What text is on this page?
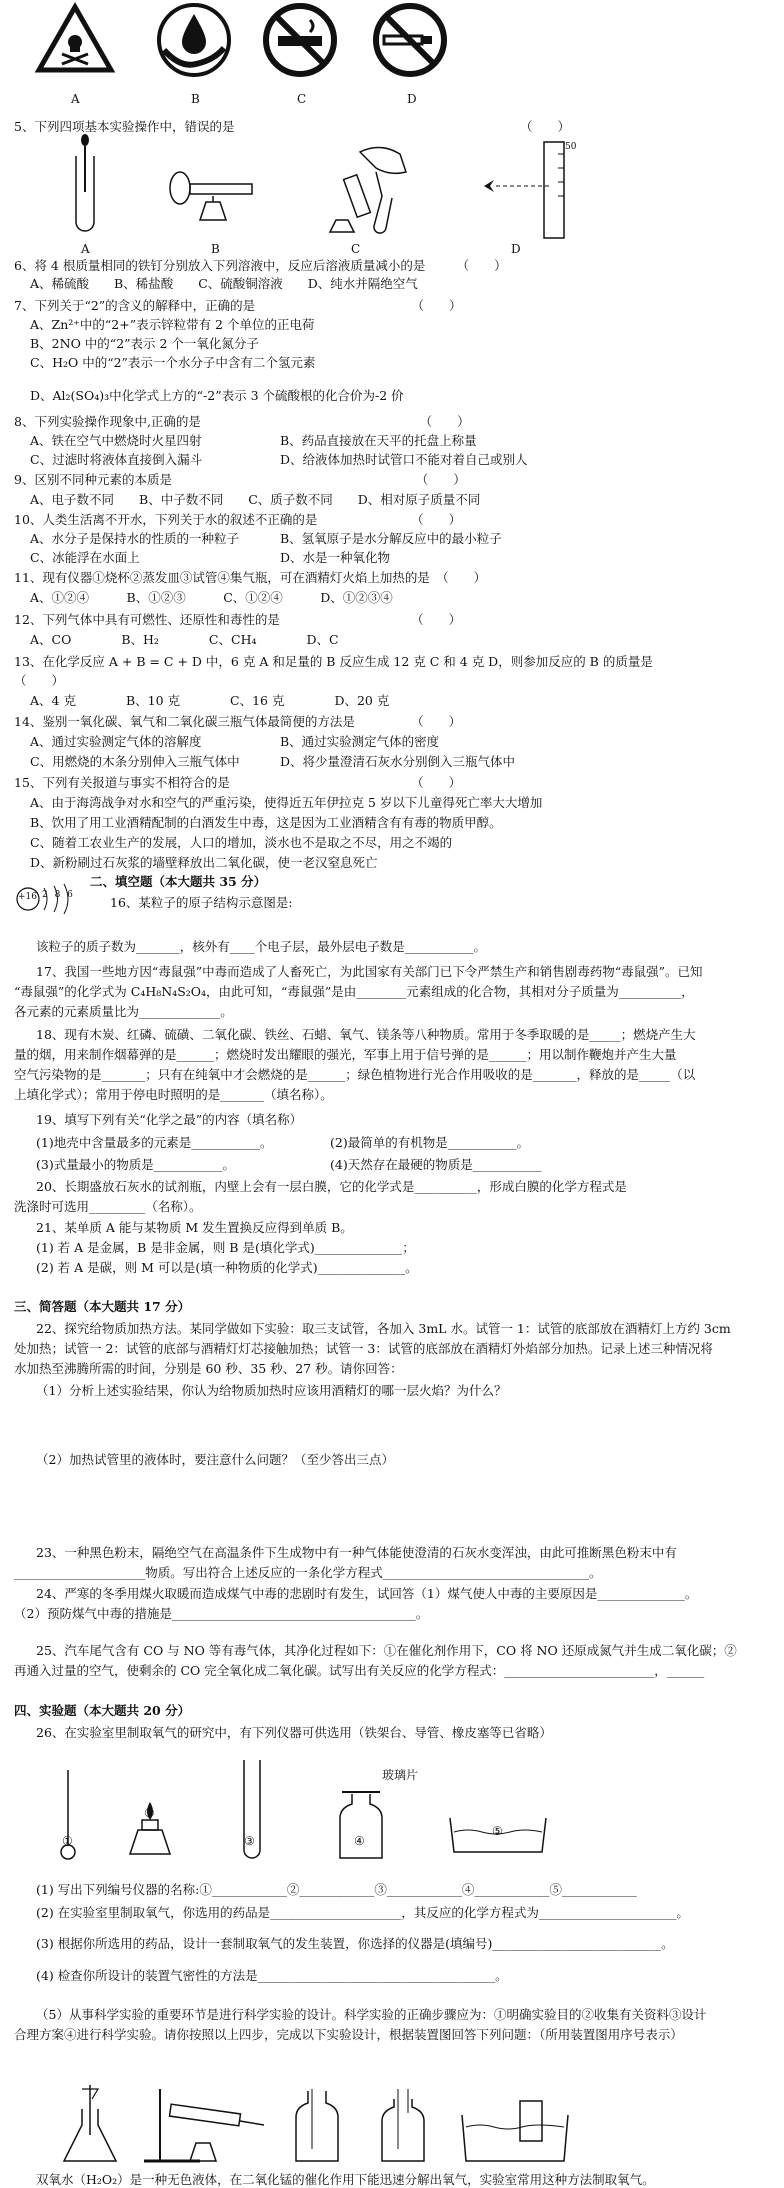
A	B	C	D
5、下列四项基本实验操作中，错误的是	（　　）
50
A	B	C	D
6、将 4 根质量相同的铁钉分别放入下列溶液中，反应后溶液质量减小的是　　　（　　）
A、稀硫酸　　B、稀盐酸　　C、硫酸铜溶液　　D、纯水并隔绝空气
7、下列关于“2”的含义的解释中，正确的是　　　　　　　　　　　　　（　　）
A、Zn²⁺中的“2+”表示锌粒带有 2 个单位的正电荷
B、2NO 中的“2”表示 2 个一氧化氮分子
C、H₂O 中的“2”表示一个水分子中含有二个氢元素
D、Al₂(SO₄)₃中化学式上方的“-2”表示 3 个硫酸根的化合价为-2 价
8、下列实验操作现象中,正确的是　　　　　　　　　　　　　　　　　　（　　）
A、铁在空气中燃烧时火星四射	B、药品直接放在天平的托盘上称量
C、过滤时将液体直接倒入漏斗	D、给液体加热时试管口不能对着自己或别人
9、区别不同种元素的本质是　　　　　　　　　　　　　　　　　　　　（　　）
A、电子数不同　　B、中子数不同　　C、质子数不同　　D、相对原子质量不同
10、人类生活离不开水，下列关于水的叙述不正确的是　　　　　　　　（　　）
A、水分子是保持水的性质的一种粒子	B、氢氧原子是水分解反应中的最小粒子
C、冰能浮在水面上	D、水是一种氧化物
11、现有仪器①烧杯②蒸发皿③试管④集气瓶，可在酒精灯火焰上加热的是　（　　）
A、①②④　　　B、①②③　　　C、①②④　　　D、①②③④
12、下列气体中具有可燃性、还原性和毒性的是　　　　　　　　　　　（　　）
A、CO　　　　B、H₂　　　　C、CH₄　　　　D、C
13、在化学反应 A + B = C + D 中，6 克 A 和足量的 B 反应生成 12 克 C 和 4 克 D，则参加反应的 B 的质量是
（　　）
A、4 克　　　　B、10 克　　　　C、16 克　　　　D、20 克
14、鉴别一氧化碳、氧气和二氧化碳三瓶气体最简便的方法是　　　　　（　　）
A、通过实验测定气体的溶解度	B、通过实验测定气体的密度
C、用燃烧的木条分别伸入三瓶气体中	D、将少量澄清石灰水分别倒入三瓶气体中
15、下列有关报道与事实不相符合的是　　　　　　　　　　　　　　　（　　）
A、由于海湾战争对水和空气的严重污染，使得近五年伊拉克 5 岁以下儿童得死亡率大大增加
B、饮用了用工业酒精配制的白酒发生中毒，这是因为工业酒精含有有毒的物质甲醇。
C、随着工农业生产的发展，人口的增加，淡水也不是取之不尽，用之不竭的
D、新粉刷过石灰浆的墙壁释放出二氧化碳，使一老汉窒息死亡
二、填空题（本大题共 35 分）
+16 2 8 6	16、某粒子的原子结构示意图是:
该粒子的质子数为_______，核外有____个电子层，最外层电子数是___________。
17、我国一些地方因“毒鼠强”中毒而造成了人畜死亡，为此国家有关部门已下令严禁生产和销售剧毒药物“毒鼠强”。已知
“毒鼠强”的化学式为 C₄H₈N₄S₂O₄，由此可知，“毒鼠强”是由________元素组成的化合物，其相对分子质量为__________，
各元素的元素质量比为_____________。
18、现有木炭、红磷、硫磺、二氧化碳、铁丝、石蜡、氧气、镁条等八种物质。常用于冬季取暖的是_____；燃烧产生大
量的烟，用来制作烟幕弹的是______；燃烧时发出耀眼的强光，军事上用于信号弹的是______；用以制作鞭炮并产生大量
空气污染物的是_______；只有在纯氧中才会燃烧的是______；绿色植物进行光合作用吸收的是_______，释放的是_____（以
上填化学式）；常用于停电时照明的是_______（填名称）。
19、填写下列有关“化学之最”的内容（填名称）
(1)地壳中含量最多的元素是___________。	(2)最简单的有机物是___________。
(3)式量最小的物质是___________。	(4)天然存在最硬的物质是___________
20、长期盛放石灰水的试剂瓶，内壁上会有一层白膜，它的化学式是__________，形成白膜的化学方程式是
洗涤时可选用_________（名称）。
21、某单质 A 能与某物质 M 发生置换反应得到单质 B。
(1) 若 A 是金属，B 是非金属，则 B 是(填化学式)______________；
(2) 若 A 是碳，则 M 可以是(填一种物质的化学式)______________。
三、简答题（本大题共 17 分）
22、探究给物质加热方法。某同学做如下实验：取三支试管，各加入 3mL 水。试管一 1：试管的底部放在酒精灯上方约 3cm
处加热；试管一 2：试管的底部与酒精灯灯芯接触加热；试管一 3：试管的底部放在酒精灯外焰部分加热。记录上述三种情况将
水加热至沸腾所需的时间，分别是 60 秒、35 秒、27 秒。请你回答：
（1）分析上述实验结果，你认为给物质加热时应该用酒精灯的哪一层火焰？为什么？
（2）加热试管里的液体时，要注意什么问题？（至少答出三点）
23、一种黑色粉末，隔绝空气在高温条件下生成物中有一种气体能使澄清的石灰水变浑浊，由此可推断黑色粉末中有
_____________________物质。写出符合上述反应的一条化学方程式_________________________________。
24、严寒的冬季用煤火取暖而造成煤气中毒的悲剧时有发生，试回答（1）煤气使人中毒的主要原因是______________。
（2）预防煤气中毒的措施是_______________________________________。
25、汽车尾气含有 CO 与 NO 等有毒气体，其净化过程如下：①在催化剂作用下，CO 将 NO 还原成氮气并生成二氧化碳；②
再通入过量的空气，使剩余的 CO 完全氧化成二氧化碳。试写出有关反应的化学方程式：________________________，______
四、实验题（本大题共 20 分）
26、在实验室里制取氧气的研究中，有下列仪器可供选用（铁架台、导管、橡皮塞等已省略）
玻璃片
①
②
③	④
⑤
(1) 写出下列编号仪器的名称:①____________②____________③____________④____________⑤____________
(2) 在实验室里制取氧气，你选用的药品是_____________________，其反应的化学方程式为______________________。
(3) 根据你所选用的药品，设计一套制取氧气的发生装置，你选择的仪器是(填编号)___________________________。
(4) 检查你所设计的装置气密性的方法是______________________________________。
（5）从事科学实验的重要环节是进行科学实验的设计。科学实验的正确步骤应为：①明确实验目的②收集有关资料③设计
合理方案④进行科学实验。请你按照以上四步，完成以下实验设计，根据装置图回答下列问题：（所用装置图用序号表示）
双氧水（H₂O₂）是一种无色液体，在二氧化锰的催化作用下能迅速分解出氧气，实验室常用这种方法制取氧气。
